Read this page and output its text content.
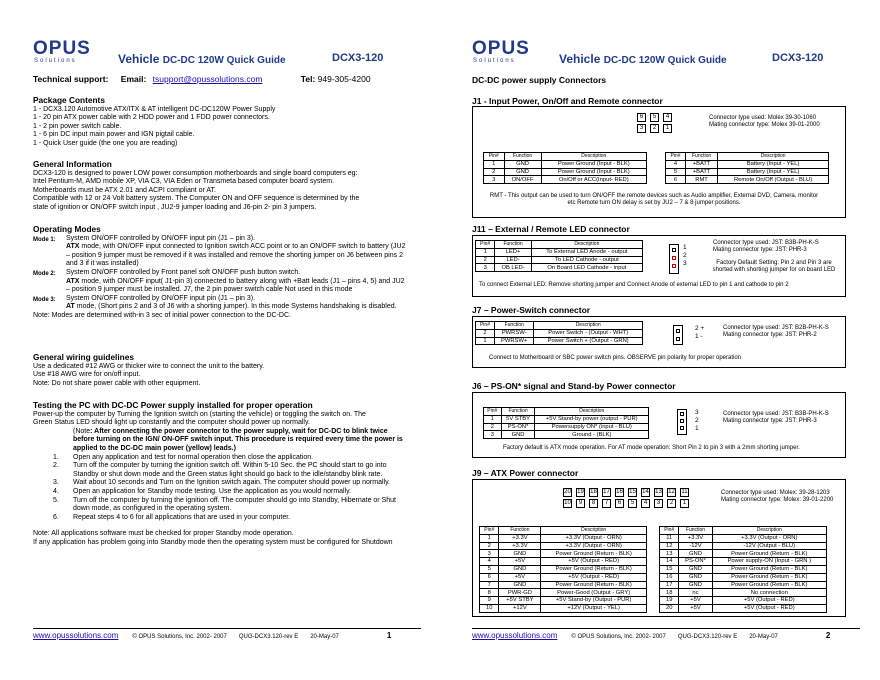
OPUS
Solutions	Vehicle DC-DC 120W Quick Guide	DCX3-120
Technical support: Email: tsupport@opussolutions.com	Tel: 949-305-4200
Package Contents
1 - DCX3.120 Automotive ATX/ITX & AT intelligent DC-DC120W Power Supply
1 - 20 pin ATX power cable with 2 HDD power and 1 FDD power connectors.
1 - 2 pin power switch cable.
1 - 6 pin DC input main power and IGN pigtail cable.
1 - Quick User guide (the one you are reading)
General Information
DCX3-120 is designed to power LOW power consumption motherboards and single board computers eg:
Intel Pentium-M, AMD mobile XP, VIA C3, VIA Eden or Transmeta based computer board system.
Motherboards must be ATX 2.01 and ACPI compliant or AT.
Compatible with 12 or 24 Volt battery system. The Computer ON and OFF sequence is determined by the
state of ignition or ON/OFF switch input , JU2-9 jumper loading and J6-pin 2- pin 3 jumpers.
Operating Modes
Mode 1:	System ON/OFF controlled by ON/OFF input pin (J1 – pin 3).
ATX mode, with ON/OFF input connected to Ignition switch ACC point or to an ON/OFF switch to battery (JU2 – position 9 jumper must be removed if it was installed and remove the shorting jumper on J6 between pins 2 and 3 if it was installed)
Mode 2:	System ON/OFF controlled by Front panel soft ON/OFF push button switch.
ATX mode, with ON/OFF input( J1-pin 3) connected to battery along with +Batt leads (J1 – pins 4, 5) and JU2 – position 9 jumper must be installed. J7, the 2 pin power switch cable Not used in this mode
Mode 3:	System ON/OFF controlled by ON/OFF input pin (J1 – pin 3).
AT mode, (Short pins 2 and 3 of J6 with a shorting jumper). In this mode Systems handshaking is disabled.
Note: Modes are determined with-in 3 sec of initial power connection to the DC-DC.
General wiring guidelines
Use a dedicated #12 AWG or thicker wire to connect the unit to the battery.
Use #18 AWG wire for on/off input.
Note: Do not share power cable with other equipment.
Testing the PC with DC-DC Power supply installed for proper operation
Power-up the computer by Turning the Ignition switch on (starting the vehicle) or toggling the switch on. The
Green Status LED should light up constantly and the computer should power up normally.
(Note: After connecting the power connector to the power supply, wait for DC-DC to blink twice before turning on the IGN/ ON-OFF switch input. This procedure is required every time the power is applied to the DC-DC main power (yellow) leads.)
1.	Open any application and test for normal operation then close the application.
2.	Turn off the computer by turning the ignition switch off. Within 5-10 Sec. the PC should start to go into Standby or shut down mode and the Green status light should go back to the idle/standby blink rate.
3.	Wait about 10 seconds and Turn on the Ignition switch again. The computer should power up normally.
4.	Open an application for Standby mode testing. Use the application as you would normally.
5.	Turn off the computer by turning the ignition off. The computer should go into Standby, Hibernate or Shut down mode, as configured in the operating system.
6.	Repeat steps 4 to 6 for all applications that are used in your computer.
Note: All applications software must be checked for proper Standby mode operation.
If any application has problem going into Standby mode then the operating system must be configured for Shutdown
www.opussolutions.com © OPUS Solutions, Inc. 2002- 2007 QUG-DCX3.120-rev E 20-May-07	1
OPUS
Solutions	Vehicle DC-DC 120W Quick Guide	DCX3-120
DC-DC power supply Connectors
J1 - Input Power, On/Off and Remote connector
6	5	4
3	2	1
Connector type used: Molex 39-30-1060
Mating connector type: Molex 39-01-2000
Pin#	Function	Description
1	GND	Power Ground (Input - BLK)
2	GND	Power Ground (Input - BLK)
3	ON/OFF	On/Off or ACC(Input- RED)
Pin#	Function	Description
4	+BATT	Battery (Input - YEL)
5	+BATT	Battery (Input - YEL)
6	RMT	Remote On/Off (Output - BLU)
RMT - This output can be used to turn ON/OFF the remote devices such as Audio amplifier, External DVD, Camera, monitor etc Remote turn ON delay is set by JU2 – 7 & 8 jumper positions.
J11 – External / Remote LED connector
Pin#	Function	Description
1	LED+	To External LED Anode - output
2	LED-	To LED Cathode - output
3	OB LED-	On Board LED Cathode - input
1
2
3
Connector type used: JST: B3B-PH-K-S
Mating connector type: JST: PHR-3
Factory Default Setting: Pin 2 and Pin 3 are shorted with shorting jumper for on board LED
To connect External LED: Remove shorting jumper and Connect Anode of external LED to pin 1 and cathode to pin 2
J7 – Power-Switch connector
Pin#	Function	Description
2	PWRSW-	Power Switch - (Output - WHT)
1	PWRSW+	Power Switch + (Output - GRN)
2 +
1 -
Connector type used: JST: B2B-PH-K-S
Mating connector type: JST: PHR-2
Connect to Motherboard or SBC power switch pins. OBSERVE pin polarity for proper operation
J6 – PS-ON* signal and Stand-by Power connector
Pin#	Function	Description
1	5V STBY	+5V Stand-by power (output - PUR)
2	PS-ON*	Powersupply ON* (input - BLU)
3	GND	Ground - (BLK)
3
2
1
Connector type used: JST: B3B-PH-K-S
Mating connector type: JST: PHR-3
Factory default is ATX mode operation. For AT mode operation: Short Pin 2 to pin 3 with a 2mm shorting jumper.
J9 – ATX Power connector
20 19 18 17 16 15 14 13 12 11
10	9	8	7	6	5	4	3	2	1
Connector type used: Molex: 39-28-1203
Mating connector type: Molex: 39-01-2200
Pin#	Function	Description
1	+3.3V	+3.3V (Output - ORN)
2	+3.3V	+3.3V (Output - ORN)
3	GND	Power Ground (Return - BLK)
4	+5V	+5V (Output - RED)
5	GND	Power Ground (Return - BLK)
6	+5V	+5V (Output - RED)
7	GND	Power Ground (Return - BLK)
8	PWR-GD	Power-Good (Output - GRY)
9	+5V STBY	+5V Stand-by (Output - PUR)
10	+12V	+12V (Output - YEL)
Pin#	Function	Description
11	+3.3V	+3.3V (Output - ORN)
12	-12V	-12V (Output - BLU)
13	GND	Power Ground (Return - BLK)
14	PS-ON*	Power supply-ON (Input - GRN )
15	GND	Power Ground (Return - BLK)
16	GND	Power Ground (Return - BLK)
17	GND	Power Ground (Return - BLK)
18	nc	No connection
19	+5V	+5V (Output - RED)
20	+5V	+5V (Output - RED)
www.opussolutions.com © OPUS Solutions, Inc. 2002- 2007 QUG-DCX3.120-rev E 20-May-07	2
